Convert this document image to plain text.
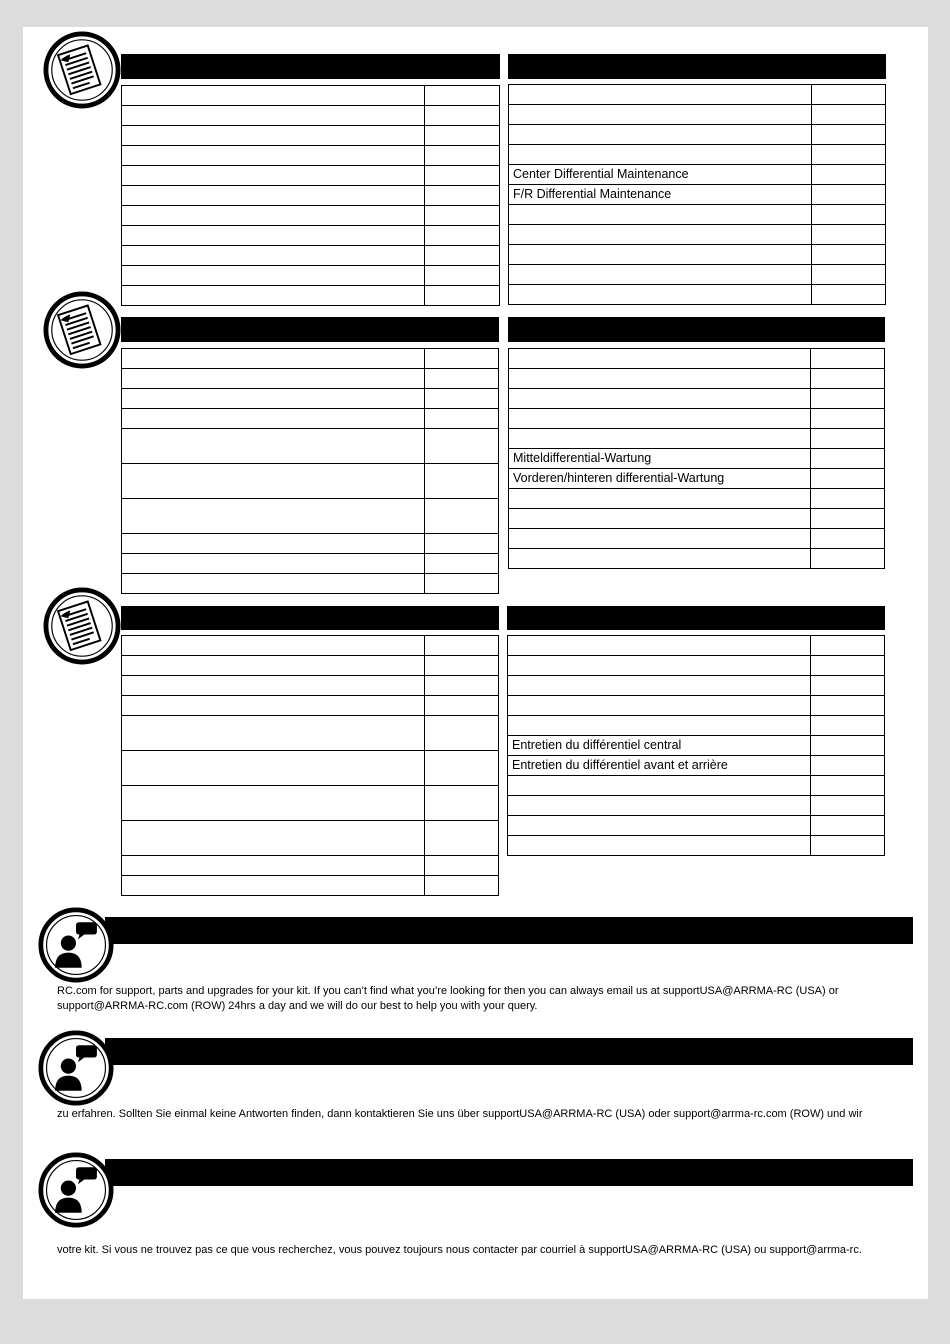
Center Differential Maintenance	
F/R Differential Maintenance	

Mitteldifferential-Wartung	
Vorderen/hinteren differential-Wartung	

Entretien du différentiel central	
Entretien du différentiel avant et arrière	

RC.com for support, parts and upgrades for your kit. If you can’t find what you’re looking for then you can always email us at supportUSA@ARRMA-RC (USA) or
support@ARRMA-RC.com (ROW) 24hrs a day and we will do our best to help you with your query.
zu erfahren. Sollten Sie einmal keine Antworten finden, dann kontaktieren Sie uns über supportUSA@ARRMA-RC (USA) oder support@arrma-rc.com (ROW) und wir
votre kit. Si vous ne trouvez pas ce que vous recherchez, vous pouvez toujours nous contacter par courriel à supportUSA@ARRMA-RC (USA) ou support@arrma-rc.
